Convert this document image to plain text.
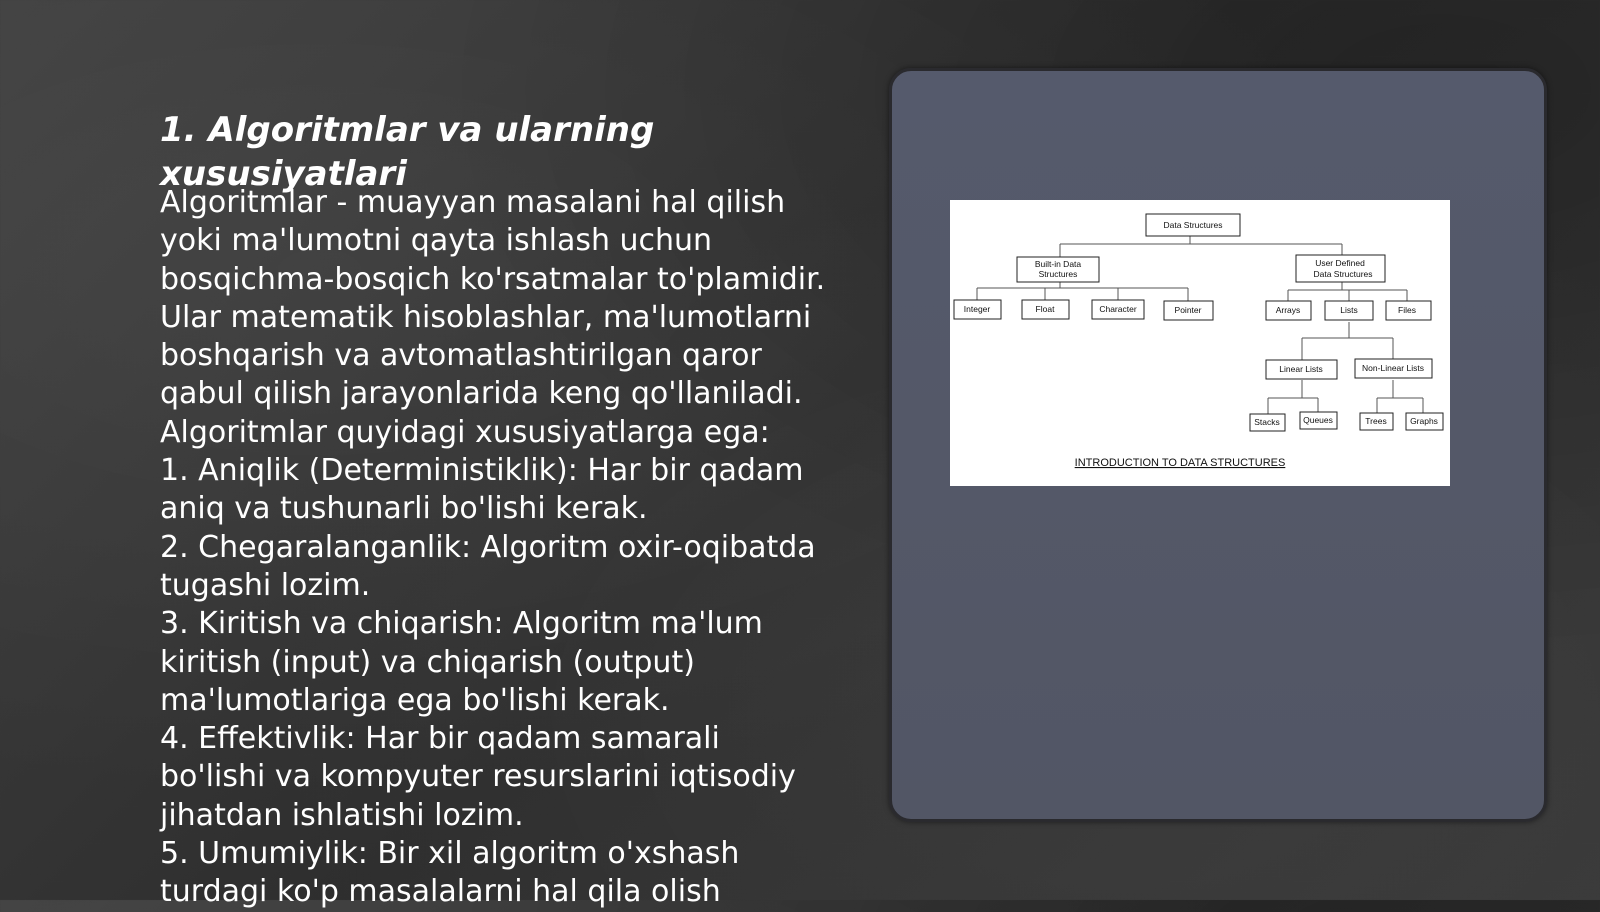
1. Algoritmlar va ularning xususiyatlari

Algoritmlar - muayyan masalani hal qilish yoki ma'lumotni qayta ishlash uchun bosqichma-bosqich ko'rsatmalar to'plamidir. Ular matematik hisoblashlar, ma'lumotlarni boshqarish va avtomatlashtirilgan qaror qabul qilish jarayonlarida keng qo'llaniladi. Algoritmlar quyidagi xususiyatlarga ega:
1. Aniqlik (Deterministiklik): Har bir qadam aniq va tushunarli bo'lishi kerak.
2. Chegaralanganlik: Algoritm oxir-oqibatda tugashi lozim.
3. Kiritish va chiqarish: Algoritm ma'lum kiritish (input) va chiqarish (output) ma'lumotlariga ega bo'lishi kerak.
4. Effektivlik: Har bir qadam samarali bo'lishi va kompyuter resurslarini iqtisodiy jihatdan ishlatishi lozim.
5. Umumiylik: Bir xil algoritm o'xshash turdagi ko'p masalalarni hal qila olish

Data Structures
Built-in Data
Structures
User Defined
Data Structures
Integer	Float	Character	Pointer	Arrays	Lists	Files
Linear Lists	Non-Linear Lists
Stacks	Queues	Trees	Graphs
INTRODUCTION TO DATA STRUCTURES
